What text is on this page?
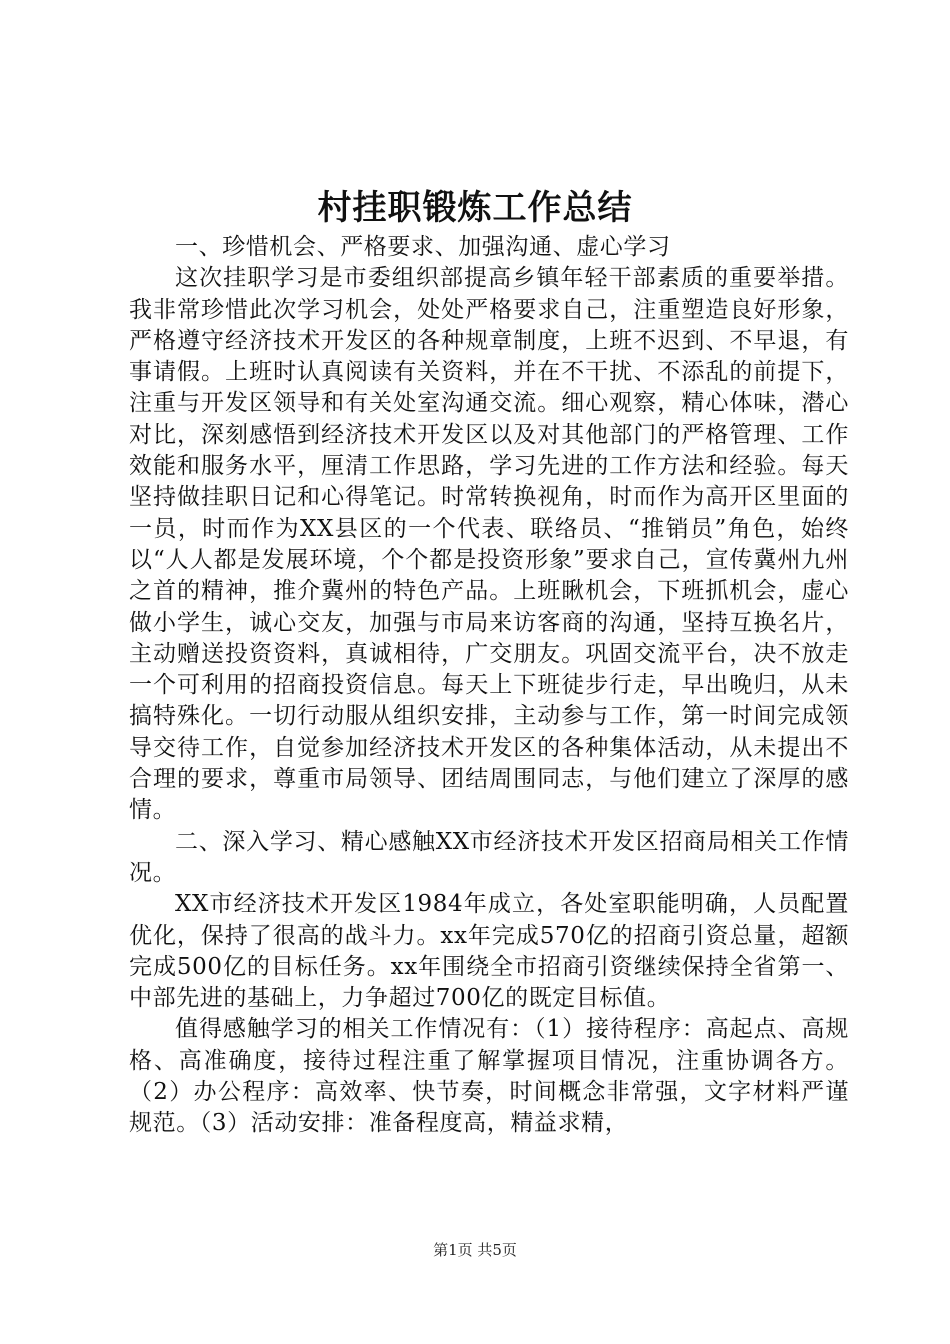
村挂职锻炼工作总结

一、珍惜机会、严格要求、加强沟通、虚心学习

这次挂职学习是市委组织部提高乡镇年轻干部素质的重要举措。我非常珍惜此次学习机会，处处严格要求自己，注重塑造良好形象，严格遵守经济技术开发区的各种规章制度，上班不迟到、不早退，有事请假。上班时认真阅读有关资料，并在不干扰、不添乱的前提下，注重与开发区领导和有关处室沟通交流。细心观察，精心体味，潜心对比，深刻感悟到经济技术开发区以及对其他部门的严格管理、工作效能和服务水平，厘清工作思路，学习先进的工作方法和经验。每天坚持做挂职日记和心得笔记。时常转换视角，时而作为高开区里面的一员，时而作为XX县区的一个代表、联络员、“推销员”角色，始终以“人人都是发展环境，个个都是投资形象”要求自己，宣传冀州九州之首的精神，推介冀州的特色产品。上班瞅机会，下班抓机会，虚心做小学生，诚心交友，加强与市局来访客商的沟通，坚持互换名片，主动赠送投资资料，真诚相待，广交朋友。巩固交流平台，决不放走一个可利用的招商投资信息。每天上下班徒步行走，早出晚归，从未搞特殊化。一切行动服从组织安排，主动参与工作，第一时间完成领导交待工作，自觉参加经济技术开发区的各种集体活动，从未提出不合理的要求，尊重市局领导、团结周围同志，与他们建立了深厚的感情。

二、深入学习、精心感触XX市经济技术开发区招商局相关工作情况。

XX市经济技术开发区1984年成立，各处室职能明确，人员配置优化，保持了很高的战斗力。xx年完成570亿的招商引资总量，超额完成500亿的目标任务。xx年围绕全市招商引资继续保持全省第一、中部先进的基础上，力争超过700亿的既定目标值。

值得感触学习的相关工作情况有：（1）接待程序：高起点、高规格、高准确度，接待过程注重了解掌握项目情况，注重协调各方。（2）办公程序：高效率、快节奏，时间概念非常强，文字材料严谨规范。（3）活动安排：准备程度高，精益求精，

第1页 共5页
